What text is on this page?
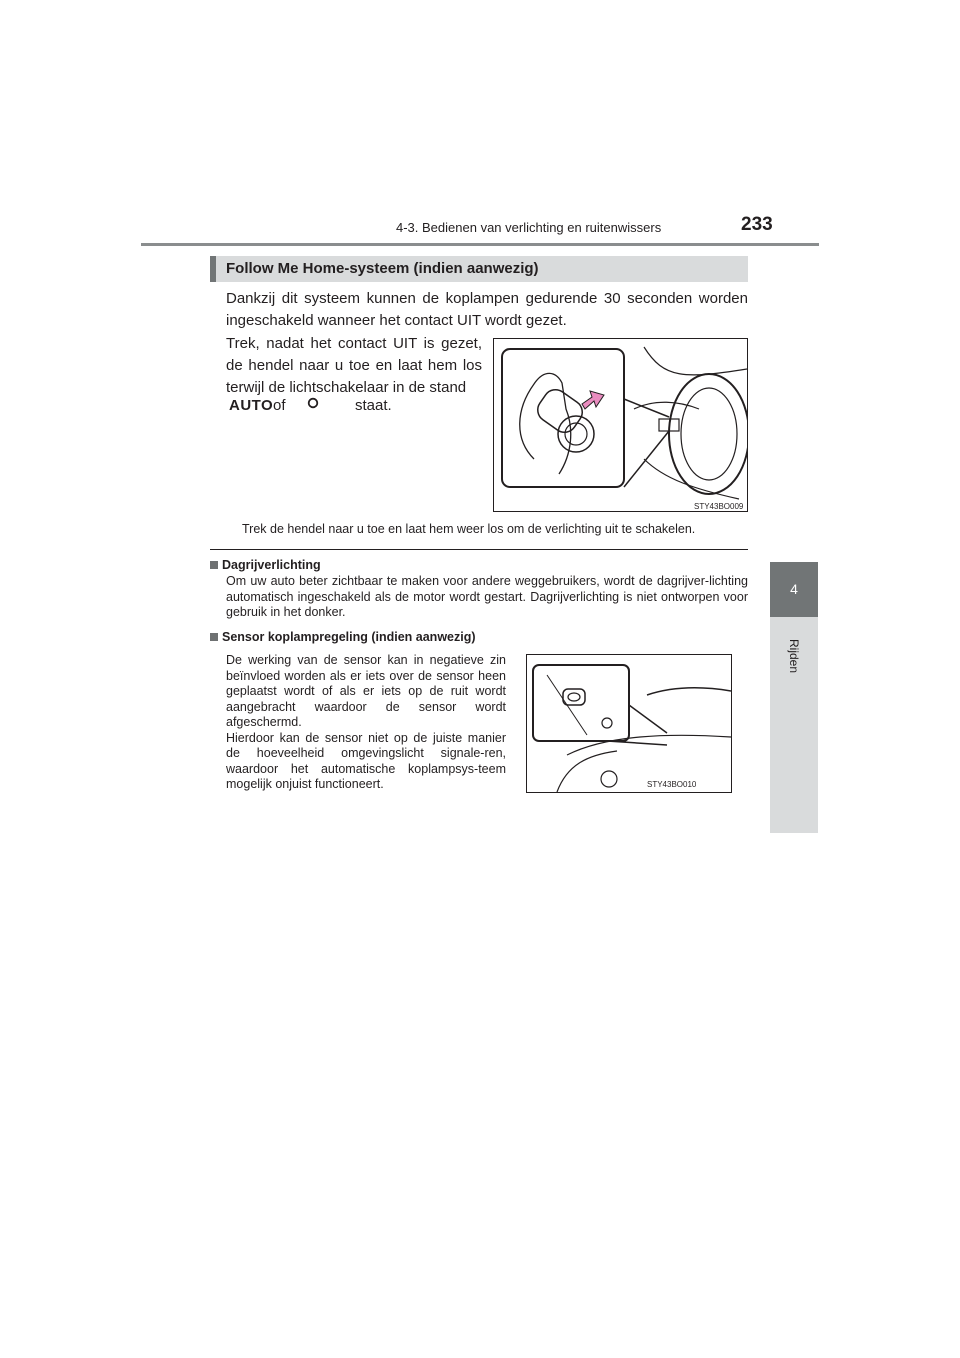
4-3. Bedienen van verlichting en ruitenwissers	233
4
Rijden
Follow Me Home-systeem (indien aanwezig)
Dankzij dit systeem kunnen de koplampen gedurende 30 seconden worden ingeschakeld wanneer het contact UIT wordt gezet.
Trek, nadat het contact UIT is gezet, de hendel naar u toe en laat hem los terwijl de lichtschakelaar in de stand
AUTO of	staat.
STY43BO009
Trek de hendel naar u toe en laat hem weer los om de verlichting uit te schakelen.
Dagrijverlichting
Om uw auto beter zichtbaar te maken voor andere weggebruikers, wordt de dagrijver-lichting automatisch ingeschakeld als de motor wordt gestart. Dagrijverlichting is niet ontworpen voor gebruik in het donker.
Sensor koplampregeling (indien aanwezig)
De werking van de sensor kan in negatieve zin beïnvloed worden als er iets over de sensor heen geplaatst wordt of als er iets op de ruit wordt aangebracht waardoor de sensor wordt afgeschermd.
Hierdoor kan de sensor niet op de juiste manier de hoeveelheid omgevingslicht signale-ren, waardoor het automatische koplampsys-teem mogelijk onjuist functioneert.	STY43BO010
